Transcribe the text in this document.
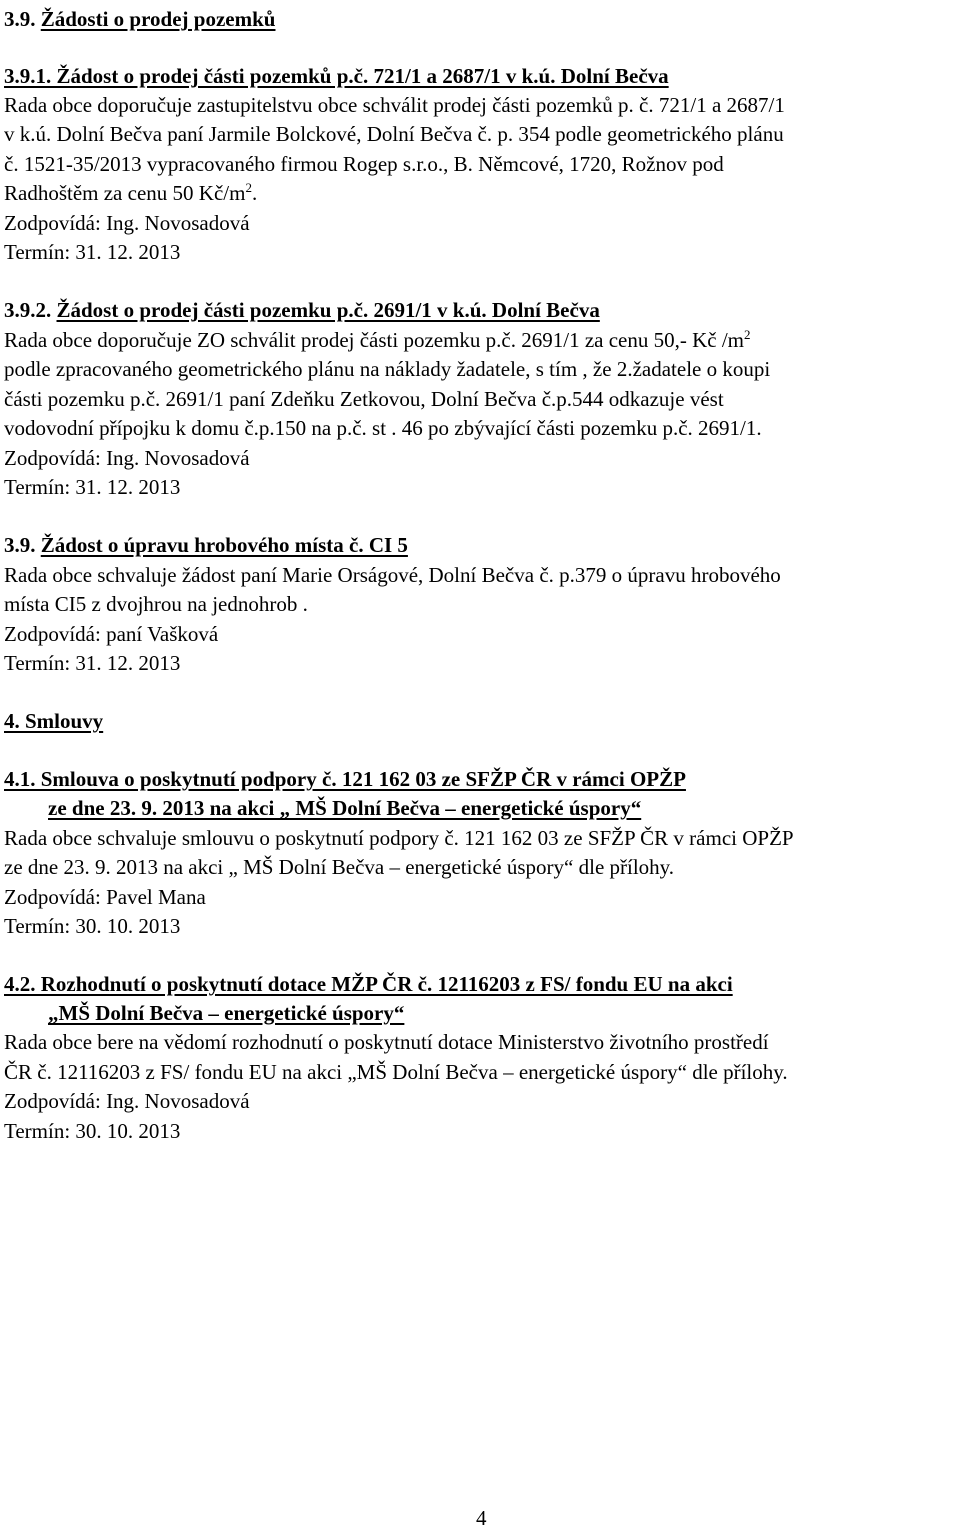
3.9. Žádosti o prodej pozemků
3.9.1. Žádost o prodej části pozemků p.č. 721/1 a 2687/1 v k.ú. Dolní Bečva
Rada obce doporučuje zastupitelstvu obce schválit prodej části pozemků p. č. 721/1 a 2687/1
v k.ú. Dolní Bečva paní Jarmile Bolckové, Dolní Bečva č. p. 354 podle geometrického plánu
č. 1521-35/2013 vypracovaného firmou Rogep s.r.o., B. Němcové, 1720, Rožnov pod
Radhoštěm za cenu 50 $Kč/m^2$.
Zodpovídá: Ing. Novosadová
Termín: 31. 12. 2013
3.9.2. Žádost o prodej části pozemku p.č. 2691/1 v k.ú. Dolní Bečva
Rada obce doporučuje ZO schválit prodej části pozemku p.č. 2691/1 za cenu 50,- Kč $/m^2$
podle zpracovaného geometrického plánu na náklady žadatele, s tím , že 2.žadatele o koupi
části pozemku p.č. 2691/1 paní Zdeňku Zetkovou, Dolní Bečva č.p.544 odkazuje vést
vodovodní přípojku k domu č.p.150 na p.č. st . 46 po zbývající části pozemku p.č. 2691/1.
Zodpovídá: Ing. Novosadová
Termín: 31. 12. 2013
3.9. Žádost o úpravu hrobového místa č. CI 5
Rada obce schvaluje žádost paní Marie Orságové, Dolní Bečva č. p.379 o úpravu hrobového
místa CI5 z dvojhrou na jednohrob .
Zodpovídá: paní Vašková
Termín: 31. 12. 2013
4. Smlouvy
4.1. Smlouva o poskytnutí podpory č. 121 162 03 ze SFŽP ČR v rámci OPŽP
ze dne 23. 9. 2013 na akci „ MŠ Dolní Bečva – energetické úspory“
Rada obce schvaluje smlouvu o poskytnutí podpory č. 121 162 03 ze SFŽP ČR v rámci OPŽP
ze dne 23. 9. 2013 na akci „ MŠ Dolní Bečva – energetické úspory“ dle přílohy.
Zodpovídá: Pavel Mana
Termín: 30. 10. 2013
4.2. Rozhodnutí o poskytnutí dotace MŽP ČR č. 12116203 z FS/ fondu EU na akci
„MŠ Dolní Bečva – energetické úspory“
Rada obce bere na vědomí rozhodnutí o poskytnutí dotace Ministerstvo životního prostředí
ČR č. 12116203 z FS/ fondu EU na akci „MŠ Dolní Bečva – energetické úspory“ dle přílohy.
Zodpovídá: Ing. Novosadová
Termín: 30. 10. 2013
4
